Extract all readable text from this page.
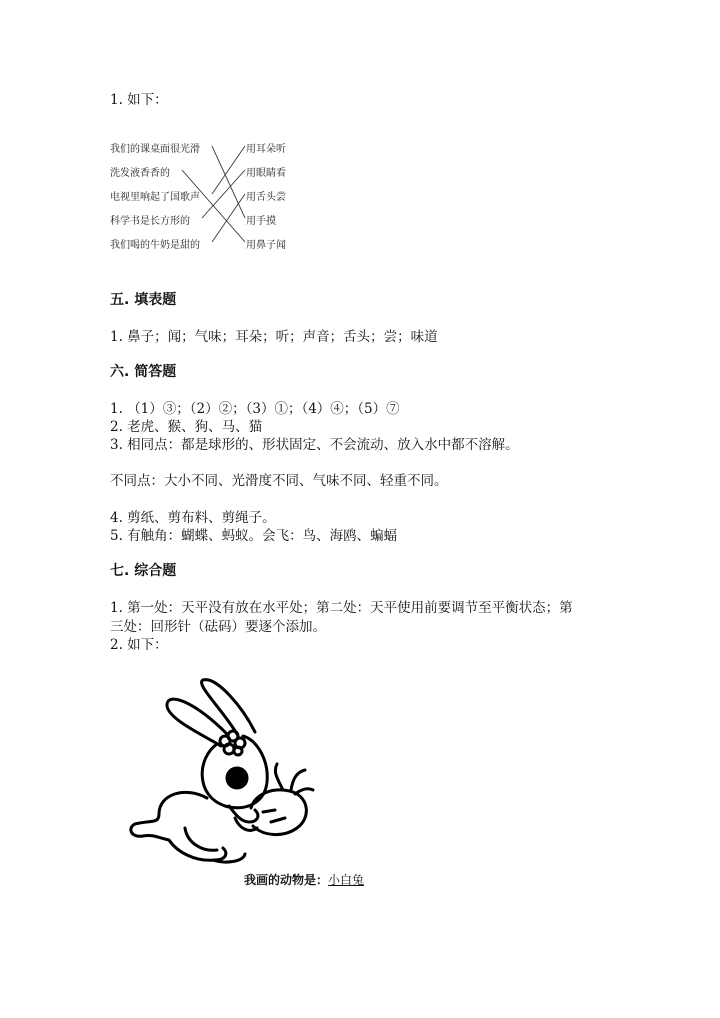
1. 如下：
我们的课桌面很光滑
洗发液香香的
电视里响起了国歌声
科学书是长方形的
我们喝的牛奶是甜的
用耳朵听
用眼睛看
用舌头尝
用手摸
用鼻子闻
五. 填表题
1. 鼻子；闻；气味；耳朵；听；声音；舌头；尝；味道
六. 简答题
1. （1）③；（2）②；（3）①；（4）④；（5）⑦
2. 老虎、猴、狗、马、猫
3. 相同点：都是球形的、形状固定、不会流动、放入水中都不溶解。
不同点：大小不同、光滑度不同、气味不同、轻重不同。
4. 剪纸、剪布料、剪绳子。
5. 有触角：蝴蝶、蚂蚁。会飞：鸟、海鸥、蝙蝠
七. 综合题
1. 第一处：天平没有放在水平处；第二处：天平使用前要调节至平衡状态；第
三处：回形针（砝码）要逐个添加。
2. 如下：
我画的动物是：小白兔
